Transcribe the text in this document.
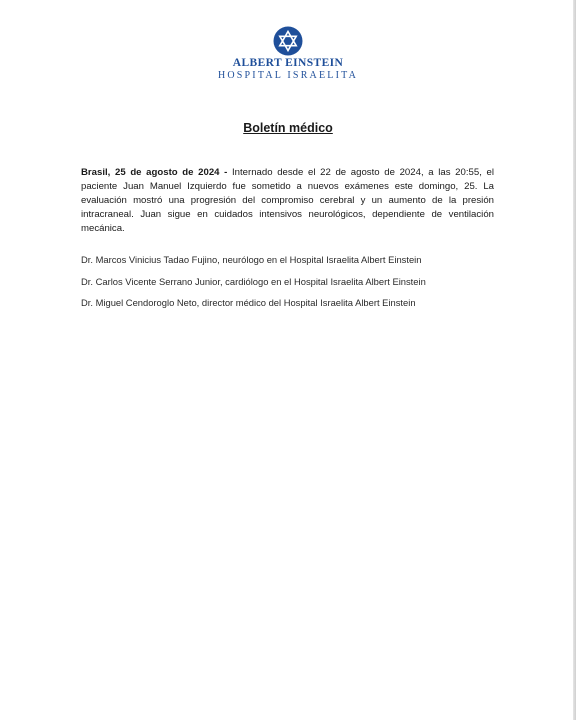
ALBERT EINSTEIN
HOSPITAL ISRAELITA
Boletín médico
Brasil, 25 de agosto de 2024 - Internado desde el 22 de agosto de 2024, a las 20:55, el paciente Juan Manuel Izquierdo fue sometido a nuevos exámenes este domingo, 25. La evaluación mostró una progresión del compromiso cerebral y un aumento de la presión intracraneal. Juan sigue en cuidados intensivos neurológicos, dependiente de ventilación mecánica.
Dr. Marcos Vinicius Tadao Fujino, neurólogo en el Hospital Israelita Albert Einstein
Dr. Carlos Vicente Serrano Junior, cardiólogo en el Hospital Israelita Albert Einstein
Dr. Miguel Cendoroglo Neto, director médico del Hospital Israelita Albert Einstein
